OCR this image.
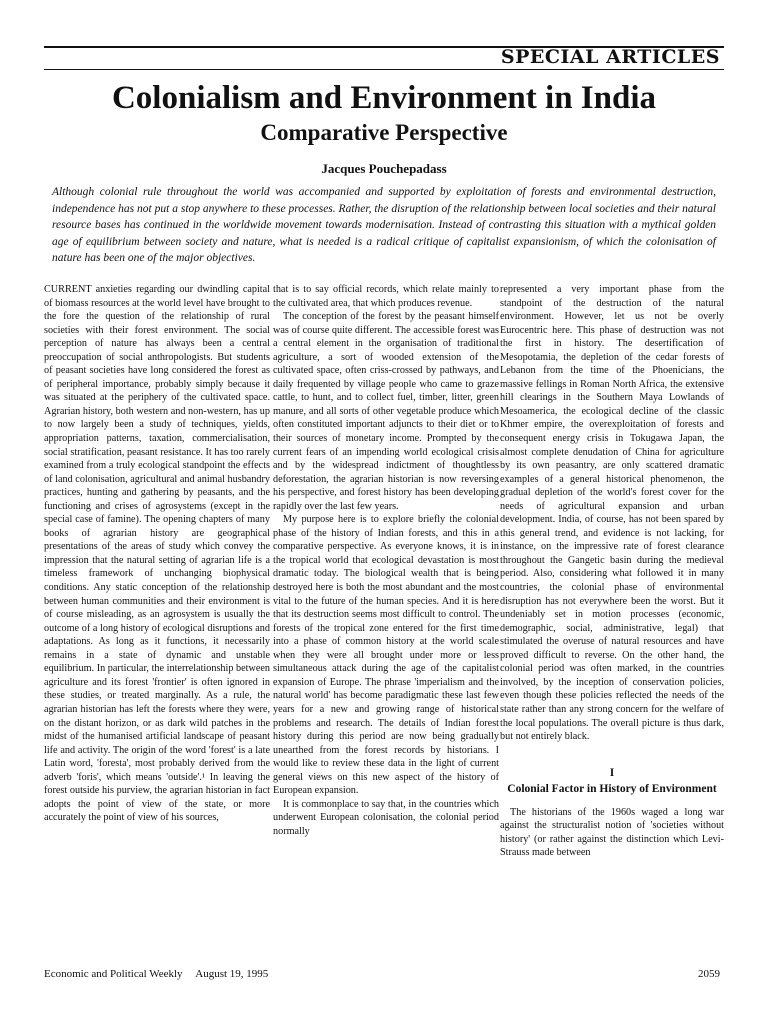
SPECIAL ARTICLES
Colonialism and Environment in India
Comparative Perspective
Jacques Pouchepadass
Although colonial rule throughout the world was accompanied and supported by exploitation of forests and environmental destruction, independence has not put a stop anywhere to these processes. Rather, the disruption of the relationship between local societies and their natural resource bases has continued in the worldwide movement towards modernisation. Instead of contrasting this situation with a mythical golden age of equilibrium between society and nature, what is needed is a radical critique of capitalist expansionism, of which the colonisation of nature has been one of the major objectives.

CURRENT anxieties regarding our dwindling capital of biomass resources at the world level have brought to the fore the question of the relationship of rural societies with their forest environment. The social perception of nature has always been a central preoccupation of social anthropologists. But students of peasant societies have long considered the forest as of peripheral importance, probably simply because it was situated at the periphery of the cultivated space. Agrarian history, both western and non-western, has up to now largely been a study of techniques, yields, appropriation patterns, taxation, commercialisation, social stratification, peasant resistance. It has too rarely examined from a truly ecological standpoint the effects of land colonisation, agricultural and animal husbandry practices, hunting and gathering by peasants, and the functioning and crises of agrosystems (except in the special case of famine). The opening chapters of many books of agrarian history are geographical presentations of the areas of study which convey the impression that the natural setting of agrarian life is a timeless framework of unchanging biophysical conditions. Any static conception of the relationship between human communities and their environment is of course misleading, as an agrosystem is usually the outcome of a long history of ecological disruptions and adaptations. As long as it functions, it necessarily remains in a state of dynamic and unstable equilibrium. In particular, the interrelationship between agriculture and its forest 'frontier' is often ignored in these studies, or treated marginally. As a rule, the agrarian historian has left the forests where they were, on the distant horizon, or as dark wild patches in the midst of the humanised artificial landscape of peasant life and activity. The origin of the word 'forest' is a late Latin word, 'foresta', most probably derived from the adverb 'foris', which means 'outside'.¹ In leaving the forest outside his purview, the agrarian historian in fact adopts the point of view of the state, or more accurately the point of view of his sources,

that is to say official records, which relate mainly to the cultivated area, that which produces revenue.

The conception of the forest by the peasant himself was of course quite different. The accessible forest was a central element in the organisation of traditional agriculture, a sort of wooded extension of the cultivated space, often criss-crossed by pathways, and daily frequented by village people who came to graze cattle, to hunt, and to collect fuel, timber, litter, green manure, and all sorts of other vegetable produce which often constituted important adjuncts to their diet or to their sources of monetary income. Prompted by the current fears of an impending world ecological crisis and by the widespread indictment of thoughtless deforestation, the agrarian historian is now reversing his perspective, and forest history has been developing rapidly over the last few years.

My purpose here is to explore briefly the colonial phase of the history of Indian forests, and this in a comparative perspective. As everyone knows, it is in the tropical world that ecological devastation is most dramatic today. The biological wealth that is being destroyed here is both the most abundant and the most vital to the future of the human species. And it is here that its destruction seems most difficult to control. The forests of the tropical zone entered for the first time into a phase of common history at the world scale when they were all brought under more or less simultaneous attack during the age of the capitalist expansion of Europe. The phrase 'imperialism and the natural world' has become paradigmatic these last few years for a new and growing range of historical problems and research. The details of Indian forest history during this period are now being gradually unearthed from the forest records by historians. I would like to review these data in the light of current general views on this new aspect of the history of European expansion.

It is commonplace to say that, in the countries which underwent European colonisation, the colonial period normally

represented a very important phase from the standpoint of the destruction of the natural environment. However, let us not be overly Eurocentric here. This phase of destruction was not the first in history. The desertification of Mesopotamia, the depletion of the cedar forests of Lebanon from the time of the Phoenicians, the massive fellings in Roman North Africa, the extensive hill clearings in the Southern Maya Lowlands of Mesoamerica, the ecological decline of the classic Khmer empire, the overexploitation of forests and consequent energy crisis in Tokugawa Japan, the almost complete denudation of China for agriculture by its own peasantry, are only scattered dramatic examples of a general historical phenomenon, the gradual depletion of the world's forest cover for the needs of agricultural expansion and urban development. India, of course, has not been spared by this general trend, and evidence is not lacking, for instance, on the impressive rate of forest clearance throughout the Gangetic basin during the medieval period. Also, considering what followed it in many countries, the colonial phase of environmental disruption has not everywhere been the worst. But it undeniably set in motion processes (economic, demographic, social, administrative, legal) that stimulated the overuse of natural resources and have proved difficult to reverse. On the other hand, the colonial period was often marked, in the countries involved, by the inception of conservation policies, even though these policies reflected the needs of the state rather than any strong concern for the welfare of the local populations. The overall picture is thus dark, but not entirely black.

I
Colonial Factor in History of Environment

The historians of the 1960s waged a long war against the structuralist notion of 'societies without history' (or rather against the distinction which Levi-Strauss made between

Economic and Political Weekly August 19, 1995	2059
